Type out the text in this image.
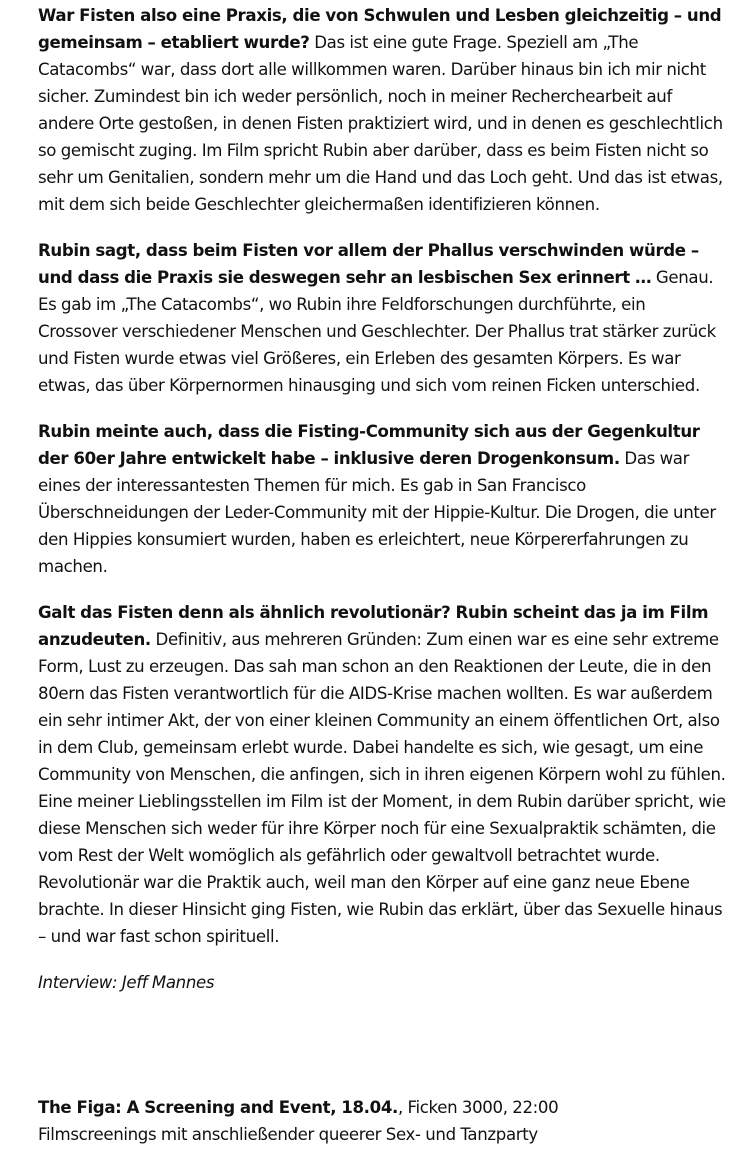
War Fisten also eine Praxis, die von Schwulen und Lesben gleichzeitig – und gemeinsam – etabliert wurde? Das ist eine gute Frage. Speziell am „The Catacombs“ war, dass dort alle willkommen waren. Darüber hinaus bin ich mir nicht sicher. Zumindest bin ich weder persönlich, noch in meiner Recherchearbeit auf andere Orte gestoßen, in denen Fisten praktiziert wird, und in denen es geschlechtlich so gemischt zuging. Im Film spricht Rubin aber darüber, dass es beim Fisten nicht so sehr um Genitalien, sondern mehr um die Hand und das Loch geht. Und das ist etwas, mit dem sich beide Geschlechter gleichermaßen identifizieren können.

Rubin sagt, dass beim Fisten vor allem der Phallus verschwinden würde – und dass die Praxis sie deswegen sehr an lesbischen Sex erinnert … Genau. Es gab im „The Catacombs“, wo Rubin ihre Feldforschungen durchführte, ein Crossover verschiedener Menschen und Geschlechter. Der Phallus trat stärker zurück und Fisten wurde etwas viel Größeres, ein Erleben des gesamten Körpers. Es war etwas, das über Körpernormen hinausging und sich vom reinen Ficken unterschied.

Rubin meinte auch, dass die Fisting-Community sich aus der Gegenkultur der 60er Jahre entwickelt habe – inklusive deren Drogenkonsum. Das war eines der interessantesten Themen für mich. Es gab in San Francisco Überschneidungen der Leder-Community mit der Hippie-Kultur. Die Drogen, die unter den Hippies konsumiert wurden, haben es erleichtert, neue Körpererfahrungen zu machen.

Galt das Fisten denn als ähnlich revolutionär? Rubin scheint das ja im Film anzudeuten. Definitiv, aus mehreren Gründen: Zum einen war es eine sehr extreme Form, Lust zu erzeugen. Das sah man schon an den Reaktionen der Leute, die in den 80ern das Fisten verantwortlich für die AIDS-Krise machen wollten. Es war außerdem ein sehr intimer Akt, der von einer kleinen Community an einem öffentlichen Ort, also in dem Club, gemeinsam erlebt wurde. Dabei handelte es sich, wie gesagt, um eine Community von Menschen, die anfingen, sich in ihren eigenen Körpern wohl zu fühlen. Eine meiner Lieblingsstellen im Film ist der Moment, in dem Rubin darüber spricht, wie diese Menschen sich weder für ihre Körper noch für eine Sexualpraktik schämten, die vom Rest der Welt womöglich als gefährlich oder gewaltvoll betrachtet wurde. Revolutionär war die Praktik auch, weil man den Körper auf eine ganz neue Ebene brachte. In dieser Hinsicht ging Fisten, wie Rubin das erklärt, über das Sexuelle hinaus – und war fast schon spirituell.

Interview: Jeff Mannes

The Figa: A Screening and Event, 18.04., Ficken 3000, 22:00

Filmscreenings mit anschließender queerer Sex- und Tanzparty
